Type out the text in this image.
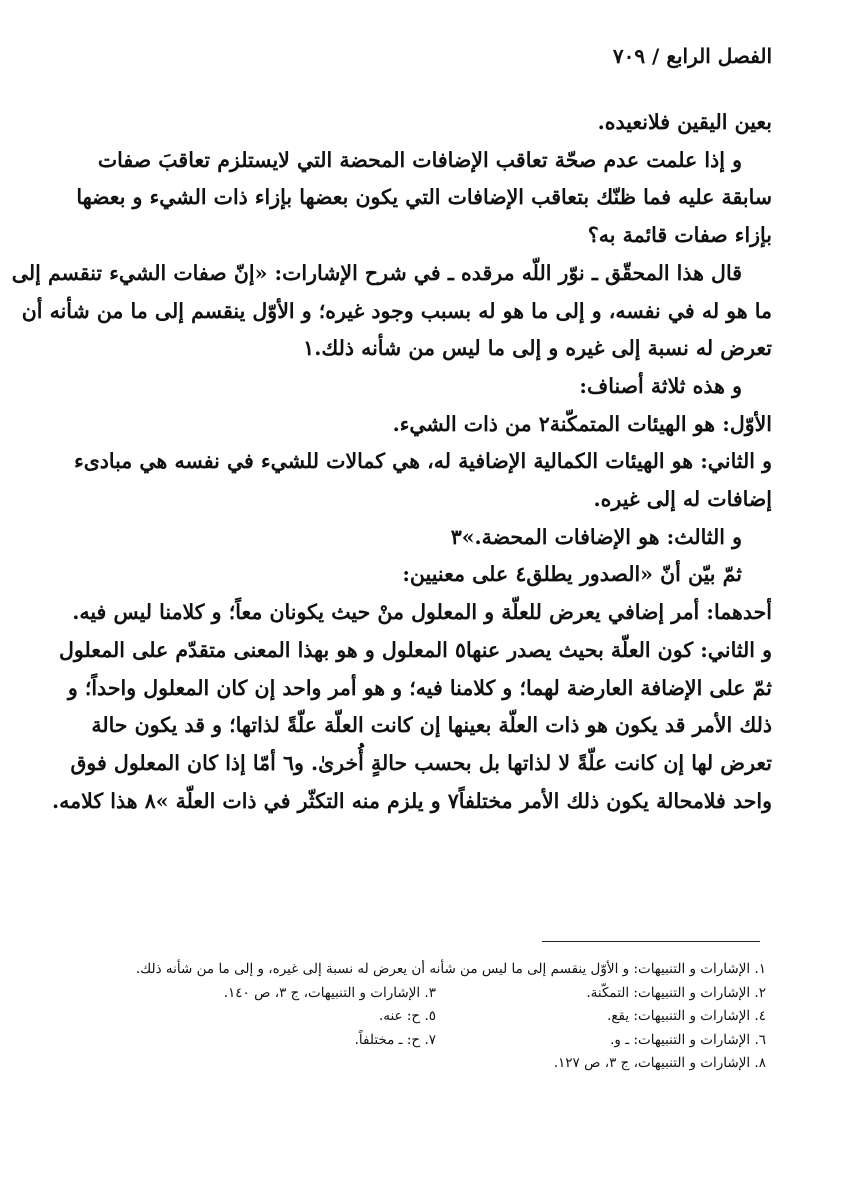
الفصل الرابع / ٧٠٩
بعين اليقين فلانعيده.
و إذا علمت عدم صحّة تعاقب الإضافات المحضة التي لايستلزم تعاقبَ صفات
سابقة عليه فما ظنّك بتعاقب الإضافات التي يكون بعضها بإزاء ذات الشيء و بعضها
بإزاء صفات قائمة به؟
قال هذا المحقّق ـ نوّر اللّه مرقده ـ في شرح الإشارات: «إنّ صفات الشيء تنقسم إلى
ما هو له في نفسه، و إلى ما هو له بسبب وجود غيره؛ و الأوّل ينقسم إلى ما من شأنه أن
تعرض له نسبة إلى غيره و إلى ما ليس من شأنه ذلك.١
و هذه ثلاثة أصناف:
الأوّل: هو الهيئات المتمكّنة٢ من ذات الشيء.
و الثاني: هو الهيئات الكمالية الإضافية له، هي كمالات للشيء في نفسه هي مبادىء
إضافات له إلى غيره.
و الثالث: هو الإضافات المحضة.»٣
ثمّ بيّن أنّ «الصدور يطلق٤ على معنيين:
أحدهما: أمر إضافي يعرض للعلّة و المعلول منْ حيث يكونان معاً؛ و كلامنا ليس فيه.
و الثاني: كون العلّة بحيث يصدر عنها٥ المعلول و هو بهذا المعنى متقدّم على المعلول
ثمّ على الإضافة العارضة لهما؛ و كلامنا فيه؛ و هو أمر واحد إن كان المعلول واحداً؛ و
ذلك الأمر قد يكون هو ذات العلّة بعينها إن كانت العلّة علّةً لذاتها؛ و قد يكون حالة
تعرض لها إن كانت علّةً لا لذاتها بل بحسب حالةٍ أُخرىٰ. و٦ أمّا إذا كان المعلول فوق
واحد فلامحالة يكون ذلك الأمر مختلفاً٧ و يلزم منه التكثّر في ذات العلّة »٨ هذا كلامه.
١. الإشارات و التنبيهات: و الأوّل ينقسم إلى ما ليس من شأنه أن يعرض له نسبة إلى غيره، و إلى ما من شأنه ذلك.
٢. الإشارات و التنبيهات: التمكّنة.
٣. الإشارات و التنبيهات، ج ٣، ص ١٤٠.
٤. الإشارات و التنبيهات: يقع.
٥. ح: عنه.
٦. الإشارات و التنبيهات: ـ و.
٧. ح: ـ مختلفاً.
٨. الإشارات و التنبيهات، ج ٣، ص ١٢٧.
